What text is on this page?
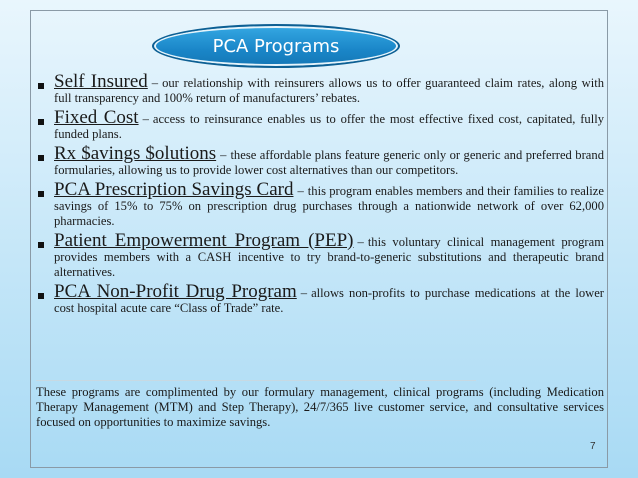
PCA Programs

Self Insured – our relationship with reinsurers allows us to offer guaranteed claim rates, along with full transparency and 100% return of manufacturers’ rebates.

Fixed Cost – access to reinsurance enables us to offer the most effective fixed cost, capitated, fully funded plans.

Rx $avings $olutions – these affordable plans feature generic only or generic and preferred brand formularies, allowing us to provide lower cost alternatives than our competitors.

PCA Prescription Savings Card – this program enables members and their families to realize savings of 15% to 75% on prescription drug purchases through a nationwide network of over 62,000 pharmacies.

Patient Empowerment Program (PEP) – this voluntary clinical management program provides members with a CASH incentive to try brand-to-generic substitutions and therapeutic brand alternatives.

PCA Non-Profit Drug Program – allows non-profits to purchase medications at the lower cost hospital acute care “Class of Trade” rate.

These programs are complimented by our formulary management, clinical programs (including Medication Therapy Management (MTM) and Step Therapy), 24/7/365 live customer service, and consultative services focused on opportunities to maximize savings.

7
